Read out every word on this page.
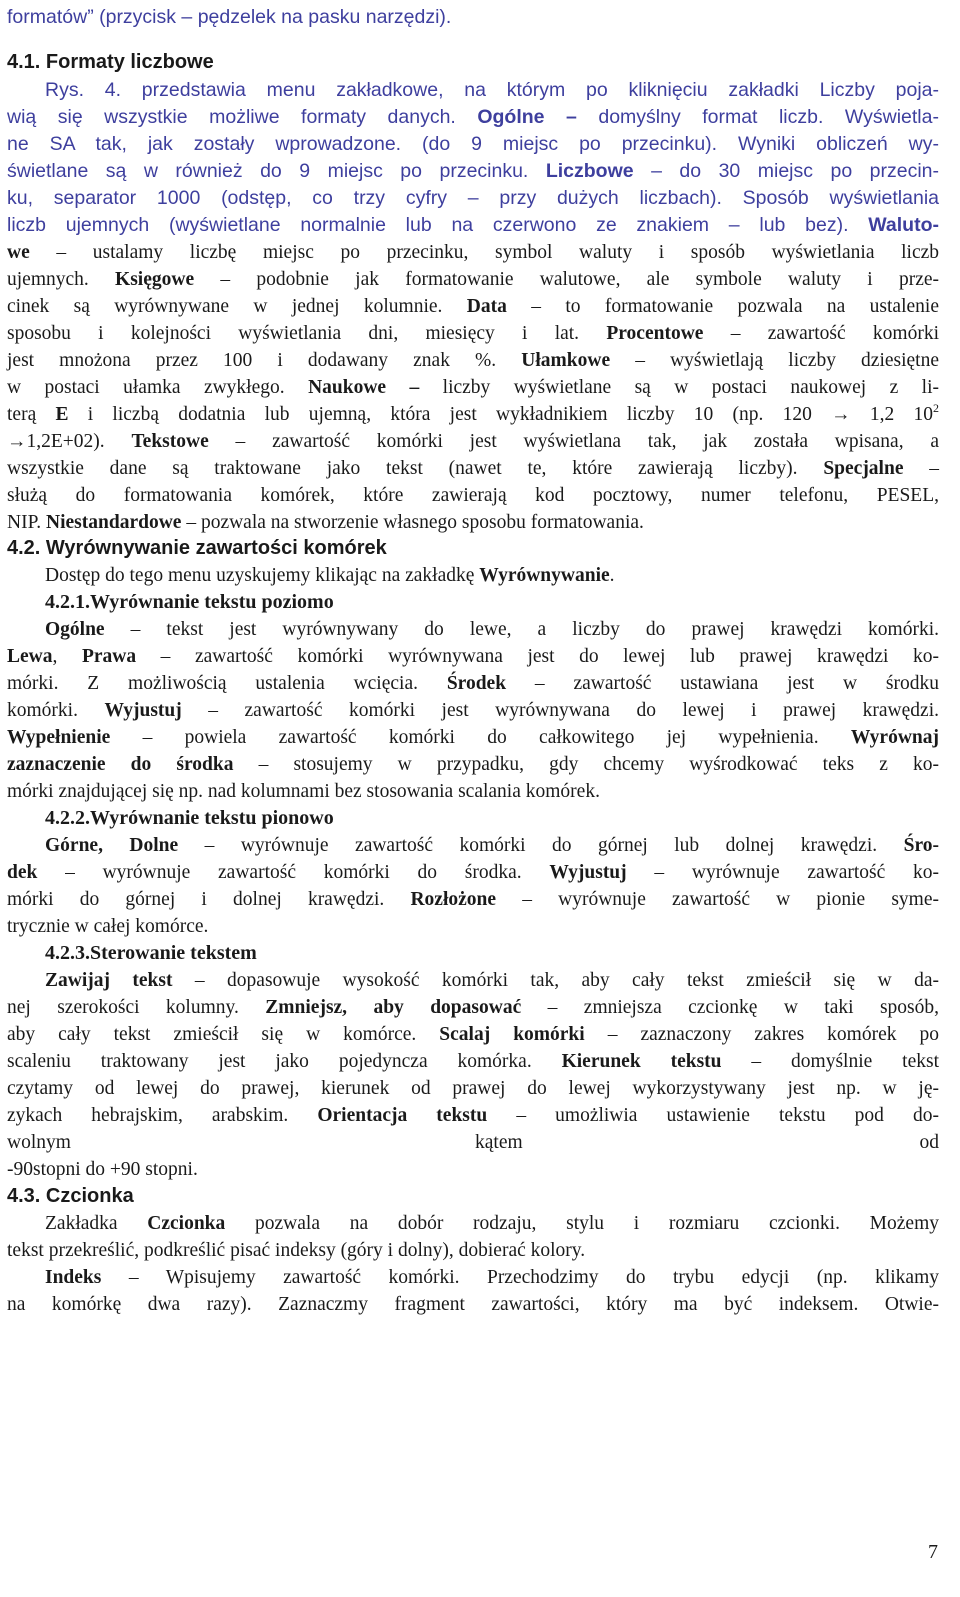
formatów” (przycisk – pędzelek na pasku narzędzi).
4.1. Formaty liczbowe
Rys. 4. przedstawia menu zakładkowe, na którym po kliknięciu zakładki Liczby poja-
wią się wszystkie możliwe formaty danych. Ogólne – domyślny format liczb. Wyświetla-
ne SA tak, jak zostały wprowadzone. (do 9 miejsc po przecinku). Wyniki obliczeń wy-
świetlane są w również do 9 miejsc po przecinku. Liczbowe – do 30 miejsc po przecin-
ku, separator 1000 (odstęp, co trzy cyfry – przy dużych liczbach). Sposób wyświetlania
liczb ujemnych (wyświetlane normalnie lub na czerwono ze znakiem – lub bez). Waluto-
we – ustalamy liczbę miejsc po przecinku, symbol waluty i sposób wyświetlania liczb
ujemnych. Księgowe – podobnie jak formatowanie walutowe, ale symbole waluty i prze-
cinek są wyrównywane w jednej kolumnie. Data – to formatowanie pozwala na ustalenie
sposobu i kolejności wyświetlania dni, miesięcy i lat. Procentowe – zawartość komórki
jest mnożona przez 100 i dodawany znak %. Ułamkowe – wyświetlają liczby dziesiętne
w postaci ułamka zwykłego. Naukowe – liczby wyświetlane są w postaci naukowej z li-
terą E i liczbą dodatnia lub ujemną, która jest wykładnikiem liczby 10 (np. 120 → 1,2 $10^2$
→1,2E+02). Tekstowe – zawartość komórki jest wyświetlana tak, jak została wpisana, a
wszystkie dane są traktowane jako tekst (nawet te, które zawierają liczby). Specjalne –
służą do formatowania komórek, które zawierają kod pocztowy, numer telefonu, PESEL,
NIP. Niestandardowe – pozwala na stworzenie własnego sposobu formatowania.
4.2. Wyrównywanie zawartości komórek
Dostęp do tego menu uzyskujemy klikając na zakładkę Wyrównywanie.
4.2.1.Wyrównanie tekstu poziomo
Ogólne – tekst jest wyrównywany do lewe, a liczby do prawej krawędzi komórki.
Lewa, Prawa – zawartość komórki wyrównywana jest do lewej lub prawej krawędzi ko-
mórki. Z możliwością ustalenia wcięcia. Środek – zawartość ustawiana jest w środku
komórki. Wyjustuj – zawartość komórki jest wyrównywana do lewej i prawej krawędzi.
Wypełnienie – powiela zawartość komórki do całkowitego jej wypełnienia. Wyrównaj
zaznaczenie do środka – stosujemy w przypadku, gdy chcemy wyśrodkować teks z ko-
mórki znajdującej się np. nad kolumnami bez stosowania scalania komórek.
4.2.2.Wyrównanie tekstu pionowo
Górne, Dolne – wyrównuje zawartość komórki do górnej lub dolnej krawędzi. Śro-
dek – wyrównuje zawartość komórki do środka. Wyjustuj – wyrównuje zawartość ko-
mórki do górnej i dolnej krawędzi. Rozłożone – wyrównuje zawartość w pionie syme-
trycznie w całej komórce.
4.2.3.Sterowanie tekstem
Zawijaj tekst – dopasowuje wysokość komórki tak, aby cały tekst zmieścił się w da-
nej szerokości kolumny. Zmniejsz, aby dopasować – zmniejsza czcionkę w taki sposób,
aby cały tekst zmieścił się w komórce. Scalaj komórki – zaznaczony zakres komórek po
scaleniu traktowany jest jako pojedyncza komórka. Kierunek tekstu – domyślnie tekst
czytamy od lewej do prawej, kierunek od prawej do lewej wykorzystywany jest np. w ję-
zykach hebrajskim, arabskim. Orientacja tekstu – umożliwia ustawienie tekstu pod do-
wolnym	kątem	od
-90stopni do +90 stopni.
4.3. Czcionka
Zakładka Czcionka pozwala na dobór rodzaju, stylu i rozmiaru czcionki. Możemy
tekst przekreślić, podkreślić pisać indeksy (góry i dolny), dobierać kolory.
Indeks – Wpisujemy zawartość komórki. Przechodzimy do trybu edycji (np. klikamy
na komórkę dwa razy). Zaznaczmy fragment zawartości, który ma być indeksem. Otwie-
7
